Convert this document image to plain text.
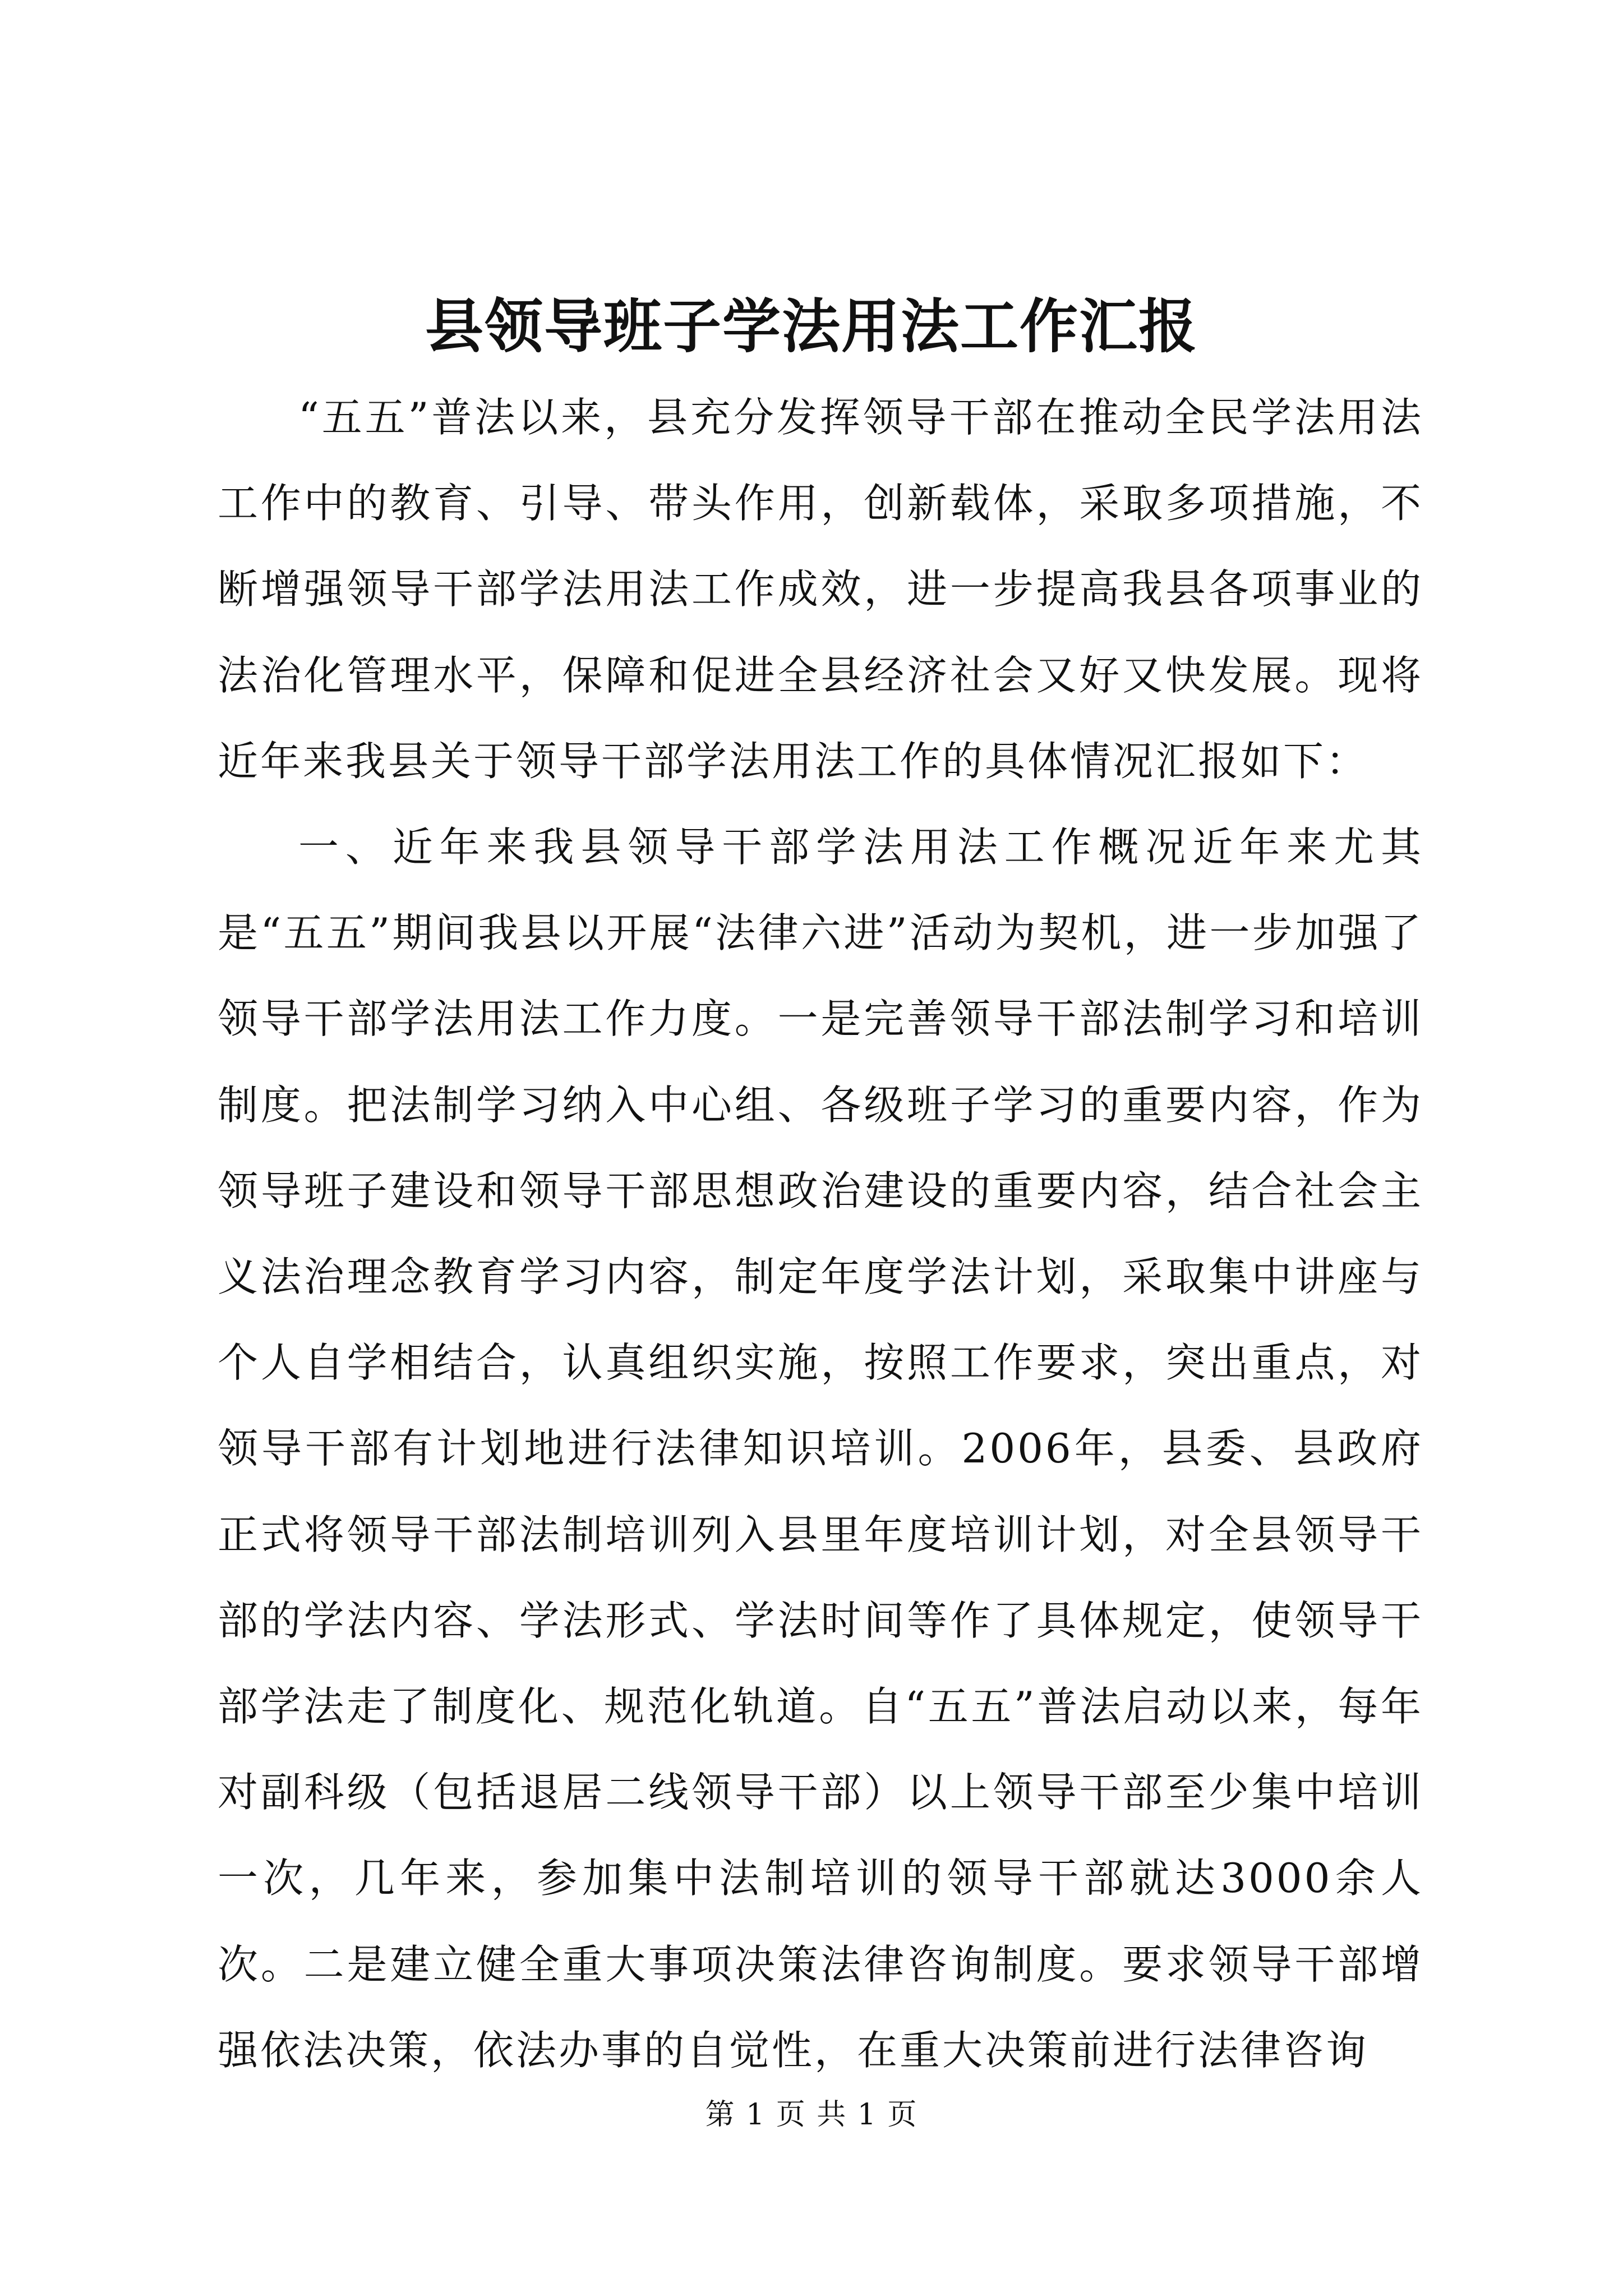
县领导班子学法用法工作汇报

“五五”普法以来，县充分发挥领导干部在推动全民学法用法工作中的教育、引导、带头作用，创新载体，采取多项措施，不断增强领导干部学法用法工作成效，进一步提高我县各项事业的法治化管理水平，保障和促进全县经济社会又好又快发展。现将近年来我县关于领导干部学法用法工作的具体情况汇报如下：

一、近年来我县领导干部学法用法工作概况近年来尤其是“五五”期间我县以开展“法律六进”活动为契机，进一步加强了领导干部学法用法工作力度。一是完善领导干部法制学习和培训制度。把法制学习纳入中心组、各级班子学习的重要内容，作为领导班子建设和领导干部思想政治建设的重要内容，结合社会主义法治理念教育学习内容，制定年度学法计划，采取集中讲座与个人自学相结合，认真组织实施，按照工作要求，突出重点，对领导干部有计划地进行法律知识培训。2006年，县委、县政府正式将领导干部法制培训列入县里年度培训计划，对全县领导干部的学法内容、学法形式、学法时间等作了具体规定，使领导干部学法走了制度化、规范化轨道。自“五五”普法启动以来，每年对副科级（包括退居二线领导干部）以上领导干部至少集中培训一次，几年来，参加集中法制培训的领导干部就达3000余人次。二是建立健全重大事项决策法律咨询制度。要求领导干部增强依法决策，依法办事的自觉性，在重大决策前进行法律咨询

第 1 页 共 1 页
